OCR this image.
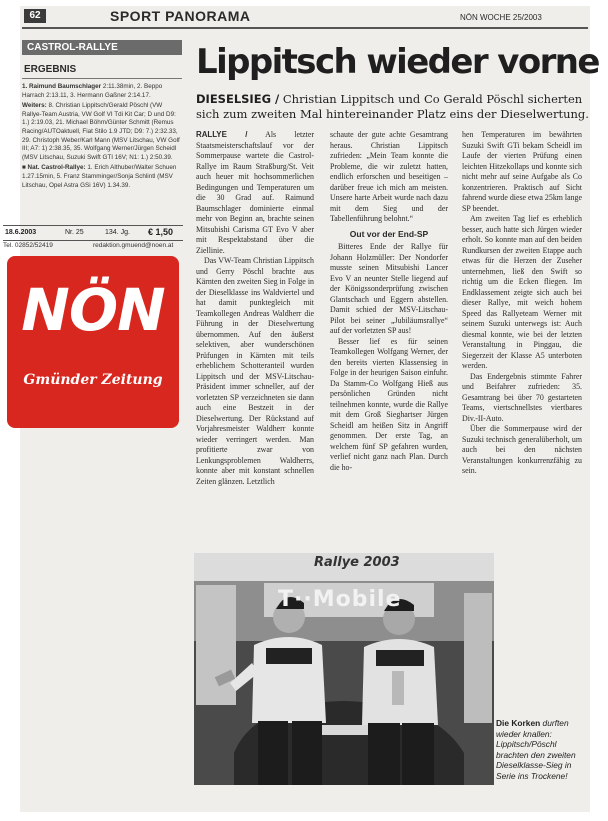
62	SPORT PANORAMA	NÖN WOCHE 25/2003
CASTROL-RALLYE
ERGEBNIS

1. Raimund Baumschlager 2:11.38min, 2. Beppo Harrach 2:13.11, 3. Hermann Gaßner 2:14.17.

Weiters: 8. Christian Lippitsch/Gerald Pöschl (VW Rallye-Team Austria, VW Golf VI Tdi Kit Car; D und D9: 1.) 2:19.03, 21. Michael Böhm/Günter Schmitt (Remus Racing/AUTOaktuell, Fiat Stilo 1.9 JTD; D9: 7.) 2:32.33, 29. Christoph Weber/Karl Mann (MSV Litschau, VW Golf III; A7: 1) 2:38.35, 35. Wolfgang Werner/Jürgen Scheidl (MSV Litschau, Suzuki Swift GTI 16V; N1: 1.) 2:50.39.

■ Nat. Castrol-Rallye: 1. Erich Althuber/Walter Schuen 1.27.15min, 5. Franz Stamminger/Sonja Schlintl (MSV Litschau, Opel Astra GSi 16V) 1.34.39.

18.6.2003	Nr. 25	134. Jg. € 1,50
Tel. 02852/52419	redaktion.gmuend@noen.at
NÖN
Gmünder Zeitung
Lippitsch wieder vorne
DIESELSIEG / Christian Lippitsch und Co Gerald Pöschl sicherten sich zum zweiten Mal hintereinander Platz eins der Dieselwertung.

RALLYE / Als letzter Staatsmeisterschaftslauf vor der Sommerpause wartete die Castrol-Rallye im Raum Straßburg/St. Veit auch heuer mit hochsommerlichen Bedingungen und Temperaturen um die 30 Grad auf. Raimund Baumschlager dominierte einmal mehr von Beginn an, brachte seinen Mitsubishi Carisma GT Evo V aber mit Respektabstand über die Ziellinie.

Das VW-Team Christian Lippitsch und Gerry Pöschl brachte aus Kärnten den zweiten Sieg in Folge in der Dieselklasse ins Waldviertel und hat damit punktegleich mit Teamkollegen Andreas Waldherr die Führung in der Dieselwertung übernommen. Auf den äußerst selektiven, aber wunderschönen Prüfungen in Kärnten mit teils erheblichem Schotteranteil wurden Lippitsch und der MSV-Litschau-Präsident immer schneller, auf der vorletzten SP verzeichneten sie dann auch eine Bestzeit in der Dieselwertung. Der Rückstand auf Vorjahresmeister Waldherr konnte wieder verringert werden. Man profitierte zwar von Lenkungsproblemen Waldherrs, konnte aber mit konstant schnellen Zeiten glänzen. Letztlich

schaute der gute achte Gesamtrang heraus. Christian Lippitsch zufrieden: „Mein Team konnte die Probleme, die wir zuletzt hatten, endlich erforschen und beseitigen – darüber freue ich mich am meisten. Unsere harte Arbeit wurde nach dazu mit dem Sieg und der Tabellenführung belohnt.“

Out vor der End-SP

Bitteres Ende der Rallye für Johann Holzmüller: Der Nondorfer musste seinen Mitsubishi Lancer Evo V an neunter Stelle liegend auf der Königssonderprüfung zwischen Glantschach und Eggern abstellen. Damit schied der MSV-Litschau-Pilot bei seiner „Jubiläumsrallye“ auf der vorletzten SP aus!

Besser lief es für seinen Teamkollegen Wolfgang Werner, der den bereits vierten Klassensieg in Folge in der heurigen Saison einfuhr. Da Stamm-Co Wolfgang Hieß aus persönlichen Gründen nicht teilnehmen konnte, wurde die Rallye mit dem Groß Sieghartser Jürgen Scheidl am heißen Sitz in Angriff genommen. Der erste Tag, an welchem fünf SP gefahren wurden, verlief nicht ganz nach Plan. Durch die ho-

hen Temperaturen im bewährten Suzuki Swift GTi bekam Scheidl im Laufe der vierten Prüfung einen leichten Hitzekollaps und konnte sich nicht mehr auf seine Aufgabe als Co konzentrieren. Praktisch auf Sicht fahrend wurde diese etwa 25km lange SP beendet.

Am zweiten Tag lief es erheblich besser, auch hatte sich Jürgen wieder erholt. So konnte man auf den beiden Rundkursen der zweiten Etappe auch etwas für die Herzen der Zuseher unternehmen, ließ den Swift so richtig um die Ecken fliegen. Im Endklassement zeigte sich auch bei dieser Rallye, mit weich hohem Speed das Rallyeteam Werner mit seinem Suzuki unterwegs ist: Auch diesmal konnte, wie bei der letzten Veranstaltung in Pinggau, die Siegerzeit der Klasse A5 unterboten werden.

Das Endergebnis stimmte Fahrer und Beifahrer zufrieden: 35. Gesamtrang bei über 70 gestarteten Teams, viertschnellstes viertbares Div.-II-Auto.

Über die Sommerpause wird der Suzuki technisch generalüberholt, um auch bei den nächsten Veranstaltungen konkurrenzfähig zu sein.

Rallye 2003
T··Mobile
Die Korken durften wieder knallen: Lippitsch/Pöschl brachten den zweiten Dieselklasse-Sieg in Serie ins Trockene!
